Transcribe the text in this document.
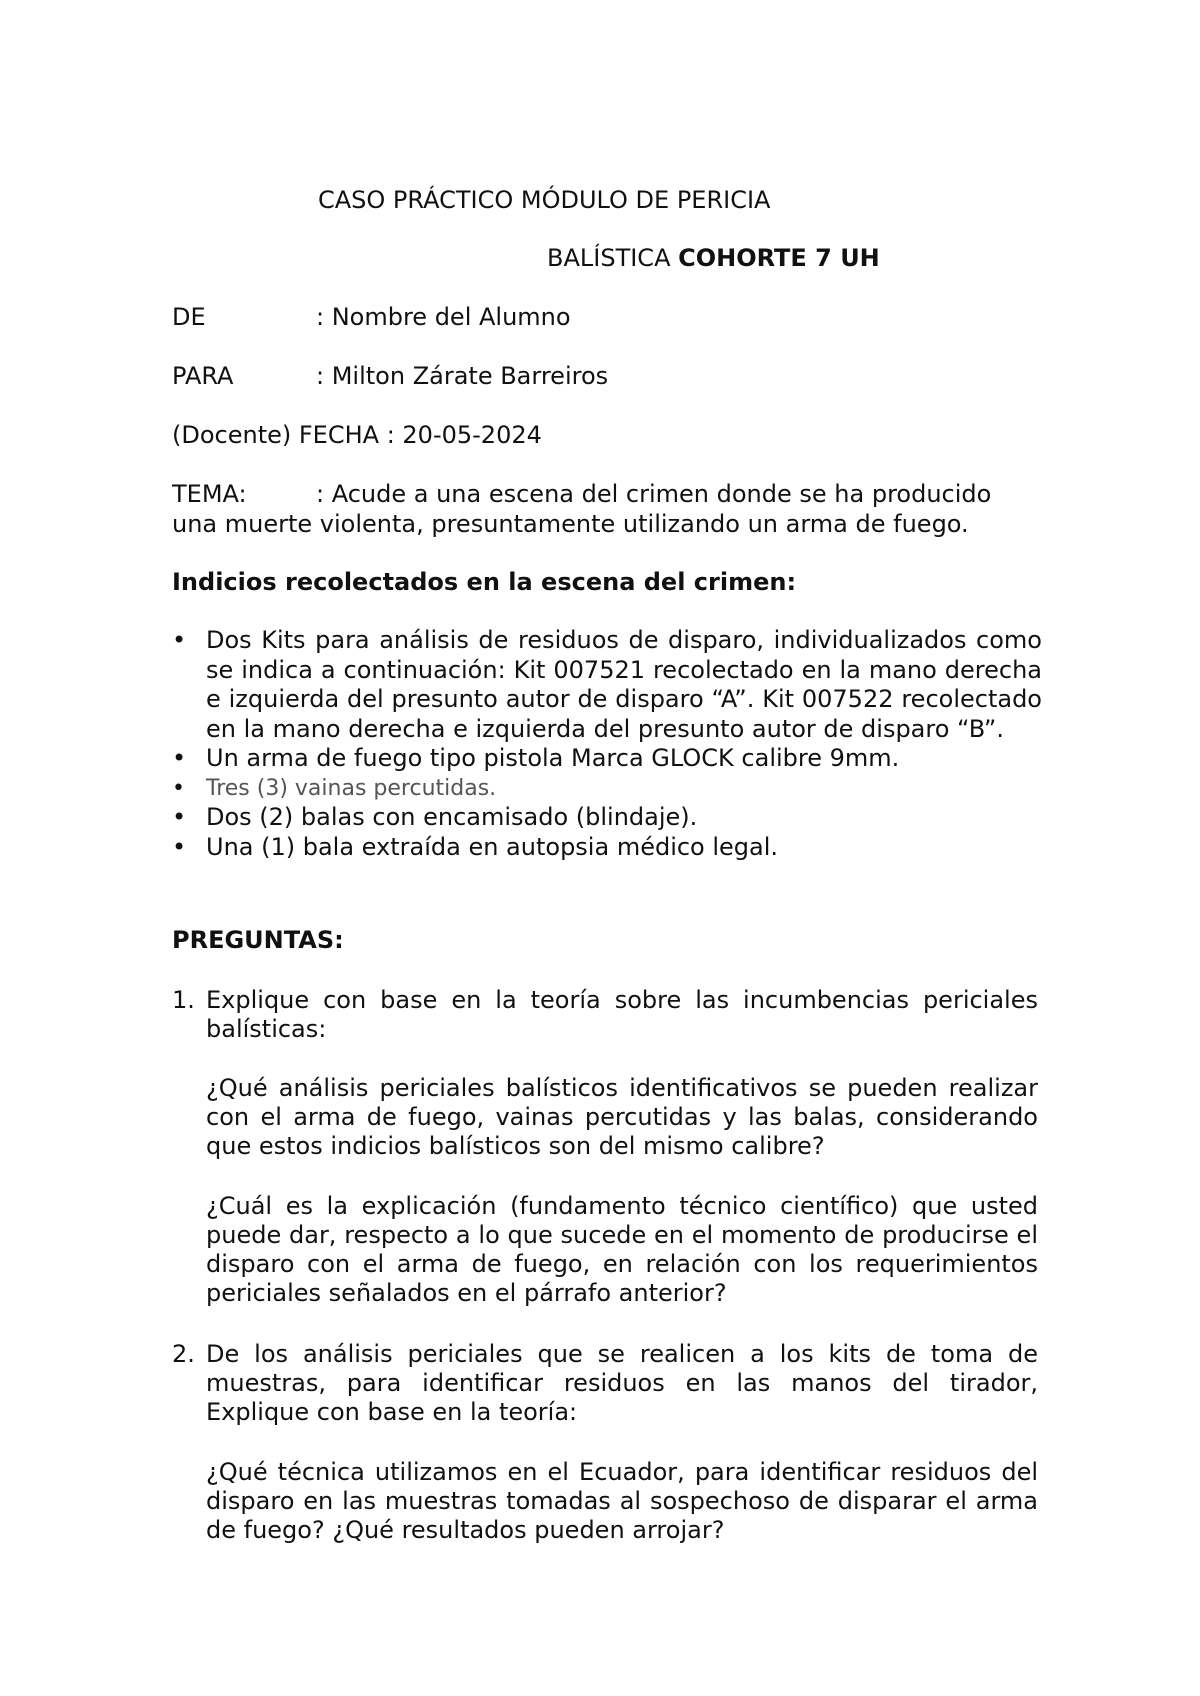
CASO PRÁCTICO MÓDULO DE PERICIA
BALÍSTICA COHORTE 7 UH
DE	: Nombre del Alumno
PARA	: Milton Zárate Barreiros
(Docente) FECHA : 20-05-2024
TEMA:	: Acude a una escena del crimen donde se ha producido
una muerte violenta, presuntamente utilizando un arma de fuego.
Indicios recolectados en la escena del crimen:
• Dos Kits para análisis de residuos de disparo, individualizados como se indica a continuación: Kit 007521 recolectado en la mano derecha e izquierda del presunto autor de disparo “A”. Kit 007522 recolectado en la mano derecha e izquierda del presunto autor de disparo “B”.
• Un arma de fuego tipo pistola Marca GLOCK calibre 9mm.
• Tres (3) vainas percutidas.
• Dos (2) balas con encamisado (blindaje).
• Una (1) bala extraída en autopsia médico legal.
PREGUNTAS:
1. Explique con base en la teoría sobre las incumbencias periciales balísticas:
¿Qué análisis periciales balísticos identificativos se pueden realizar con el arma de fuego, vainas percutidas y las balas, considerando que estos indicios balísticos son del mismo calibre?
¿Cuál es la explicación (fundamento técnico científico) que usted puede dar, respecto a lo que sucede en el momento de producirse el disparo con el arma de fuego, en relación con los requerimientos periciales señalados en el párrafo anterior?
2. De los análisis periciales que se realicen a los kits de toma de muestras, para identificar residuos en las manos del tirador, Explique con base en la teoría:
¿Qué técnica utilizamos en el Ecuador, para identificar residuos del disparo en las muestras tomadas al sospechoso de disparar el arma de fuego? ¿Qué resultados pueden arrojar?
